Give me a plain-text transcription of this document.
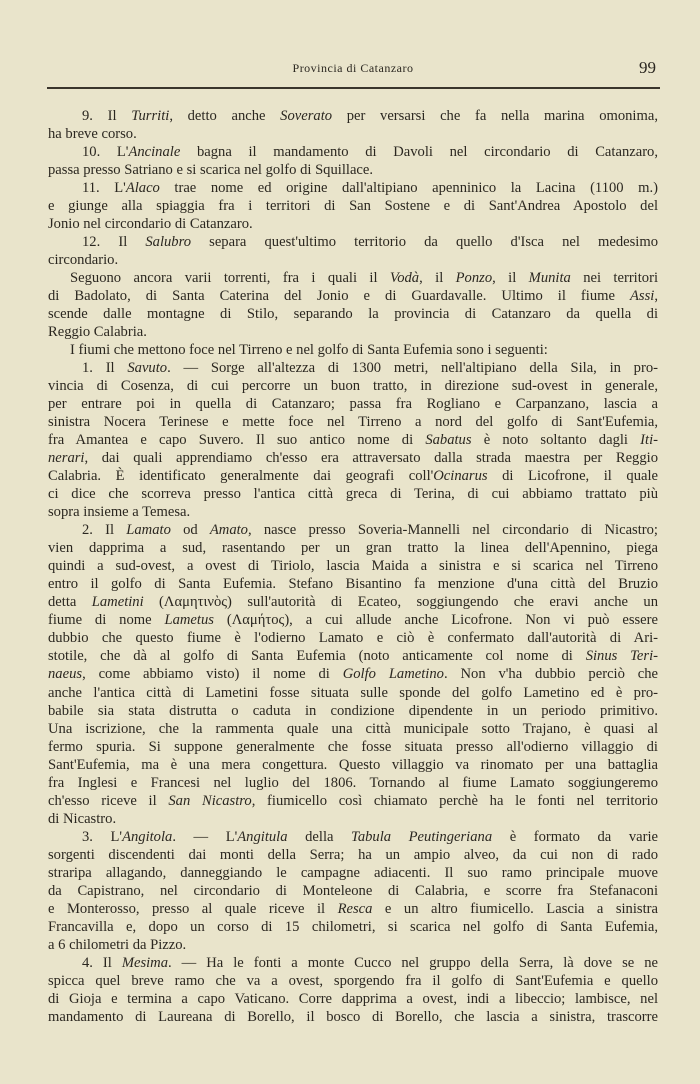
Provincia di Catanzaro	99
9. Il Turriti, detto anche Soverato per versarsi che fa nella marina omonima,
ha breve corso.
10. L'Ancinale bagna il mandamento di Davoli nel circondario di Catanzaro,
passa presso Satriano e si scarica nel golfo di Squillace.
11. L'Alaco trae nome ed origine dall'altipiano apenninico la Lacina (1100 m.)
e giunge alla spiaggia fra i territori di San Sostene e di Sant'Andrea Apostolo del
Jonio nel circondario di Catanzaro.
12. Il Salubro separa quest'ultimo territorio da quello d'Isca nel medesimo
circondario.
Seguono ancora varii torrenti, fra i quali il Vodà, il Ponzo, il Munita nei territori
di Badolato, di Santa Caterina del Jonio e di Guardavalle. Ultimo il fiume Assi,
scende dalle montagne di Stilo, separando la provincia di Catanzaro da quella di
Reggio Calabria.
I fiumi che mettono foce nel Tirreno e nel golfo di Santa Eufemia sono i seguenti:
1. Il Savuto. — Sorge all'altezza di 1300 metri, nell'altipiano della Sila, in pro-
vincia di Cosenza, di cui percorre un buon tratto, in direzione sud-ovest in generale,
per entrare poi in quella di Catanzaro; passa fra Rogliano e Carpanzano, lascia a
sinistra Nocera Terinese e mette foce nel Tirreno a nord del golfo di Sant'Eufemia,
fra Amantea e capo Suvero. Il suo antico nome di Sabatus è noto soltanto dagli Iti-
nerari, dai quali apprendiamo ch'esso era attraversato dalla strada maestra per Reggio
Calabria. È identificato generalmente dai geografi coll'Ocinarus di Licofrone, il quale
ci dice che scorreva presso l'antica città greca di Terina, di cui abbiamo trattato più
sopra insieme a Temesa.
2. Il Lamato od Amato, nasce presso Soveria-Mannelli nel circondario di Nicastro;
vien dapprima a sud, rasentando per un gran tratto la linea dell'Apennino, piega
quindi a sud-ovest, a ovest di Tiriolo, lascia Maida a sinistra e si scarica nel Tirreno
entro il golfo di Santa Eufemia. Stefano Bisantino fa menzione d'una città del Bruzio
detta Lametini (Λαμητινὸς) sull'autorità di Ecateo, soggiungendo che eravi anche un
fiume di nome Lametus (Λαμήτος), a cui allude anche Licofrone. Non vi può essere
dubbio che questo fiume è l'odierno Lamato e ciò è confermato dall'autorità di Ari-
stotile, che dà al golfo di Santa Eufemia (noto anticamente col nome di Sinus Teri-
naeus, come abbiamo visto) il nome di Golfo Lametino. Non v'ha dubbio perciò che
anche l'antica città di Lametini fosse situata sulle sponde del golfo Lametino ed è pro-
babile sia stata distrutta o caduta in condizione dipendente in un periodo primitivo.
Una iscrizione, che la rammenta quale una città municipale sotto Trajano, è quasi al
fermo spuria. Si suppone generalmente che fosse situata presso all'odierno villaggio di
Sant'Eufemia, ma è una mera congettura. Questo villaggio va rinomato per una battaglia
fra Inglesi e Francesi nel luglio del 1806. Tornando al fiume Lamato soggiungeremo
ch'esso riceve il San Nicastro, fiumicello così chiamato perchè ha le fonti nel territorio
di Nicastro.
3. L'Angitola. — L'Angitula della Tabula Peutingeriana è formato da varie
sorgenti discendenti dai monti della Serra; ha un ampio alveo, da cui non di rado
straripa allagando, danneggiando le campagne adiacenti. Il suo ramo principale muove
da Capistrano, nel circondario di Monteleone di Calabria, e scorre fra Stefanaconi
e Monterosso, presso al quale riceve il Resca e un altro fiumicello. Lascia a sinistra
Francavilla e, dopo un corso di 15 chilometri, si scarica nel golfo di Santa Eufemia,
a 6 chilometri da Pizzo.
4. Il Mesima. — Ha le fonti a monte Cucco nel gruppo della Serra, là dove se ne
spicca quel breve ramo che va a ovest, sporgendo fra il golfo di Sant'Eufemia e quello
di Gioja e termina a capo Vaticano. Corre dapprima a ovest, indi a libeccio; lambisce, nel
mandamento di Laureana di Borello, il bosco di Borello, che lascia a sinistra, trascorre
